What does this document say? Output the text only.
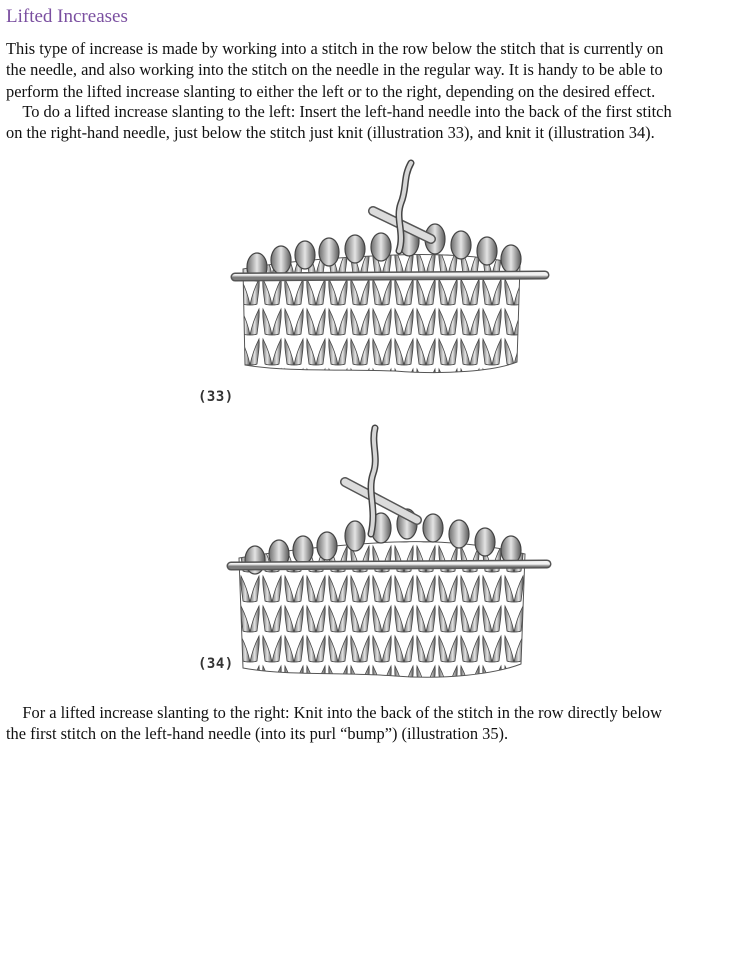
Lifted Increases

This type of increase is made by working into a stitch in the row below the stitch that is currently on
the needle, and also working into the stitch on the needle in the regular way. It is handy to be able to
perform the lifted increase slanting to either the left or to the right, depending on the desired effect.

To do a lifted increase slanting to the left: Insert the left-hand needle into the back of the first stitch
on the right-hand needle, just below the stitch just knit (illustration 33), and knit it (illustration 34).

(33)
(34)

For a lifted increase slanting to the right: Knit into the back of the stitch in the row directly below
the first stitch on the left-hand needle (into its purl “bump”) (illustration 35).
